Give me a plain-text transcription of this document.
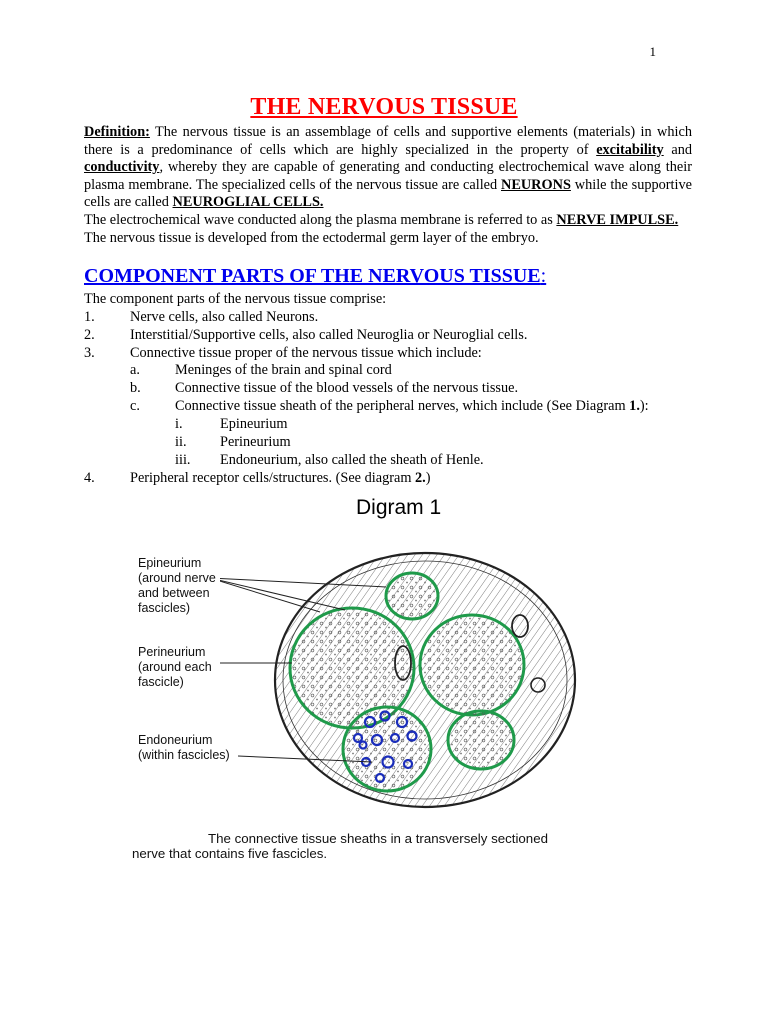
1
THE NERVOUS TISSUE
Definition: The nervous tissue is an assemblage of cells and supportive elements (materials) in which there is a predominance of cells which are highly specialized in the property of excitability and conductivity, whereby they are capable of generating and conducting electrochemical wave along their plasma membrane. The specialized cells of the nervous tissue are called NEURONS while the supportive cells are called NEUROGLIAL CELLS.
The electrochemical wave conducted along the plasma membrane is referred to as NERVE IMPULSE.
The nervous tissue is developed from the ectodermal germ layer of the embryo.
COMPONENT PARTS OF THE NERVOUS TISSUE:
The component parts of the nervous tissue comprise:
1. Nerve cells, also called Neurons.
2. Interstitial/Supportive cells, also called Neuroglia or Neuroglial cells.
3. Connective tissue proper of the nervous tissue which include:
a. Meninges of the brain and spinal cord
b. Connective tissue of the blood vessels of the nervous tissue.
c. Connective tissue sheath of the peripheral nerves, which include (See Diagram 1.):
i.	Epineurium
ii. Perineurium
iii. Endoneurium, also called the sheath of Henle.
4. Peripheral receptor cells/structures. (See diagram 2.)
Digram 1
Epineurium
(around nerve
and between
fascicles)
Perineurium
(around each
fascicle)
Endoneurium
(within fascicles)
The connective tissue sheaths in a transversely sectioned
nerve that contains five fascicles.
